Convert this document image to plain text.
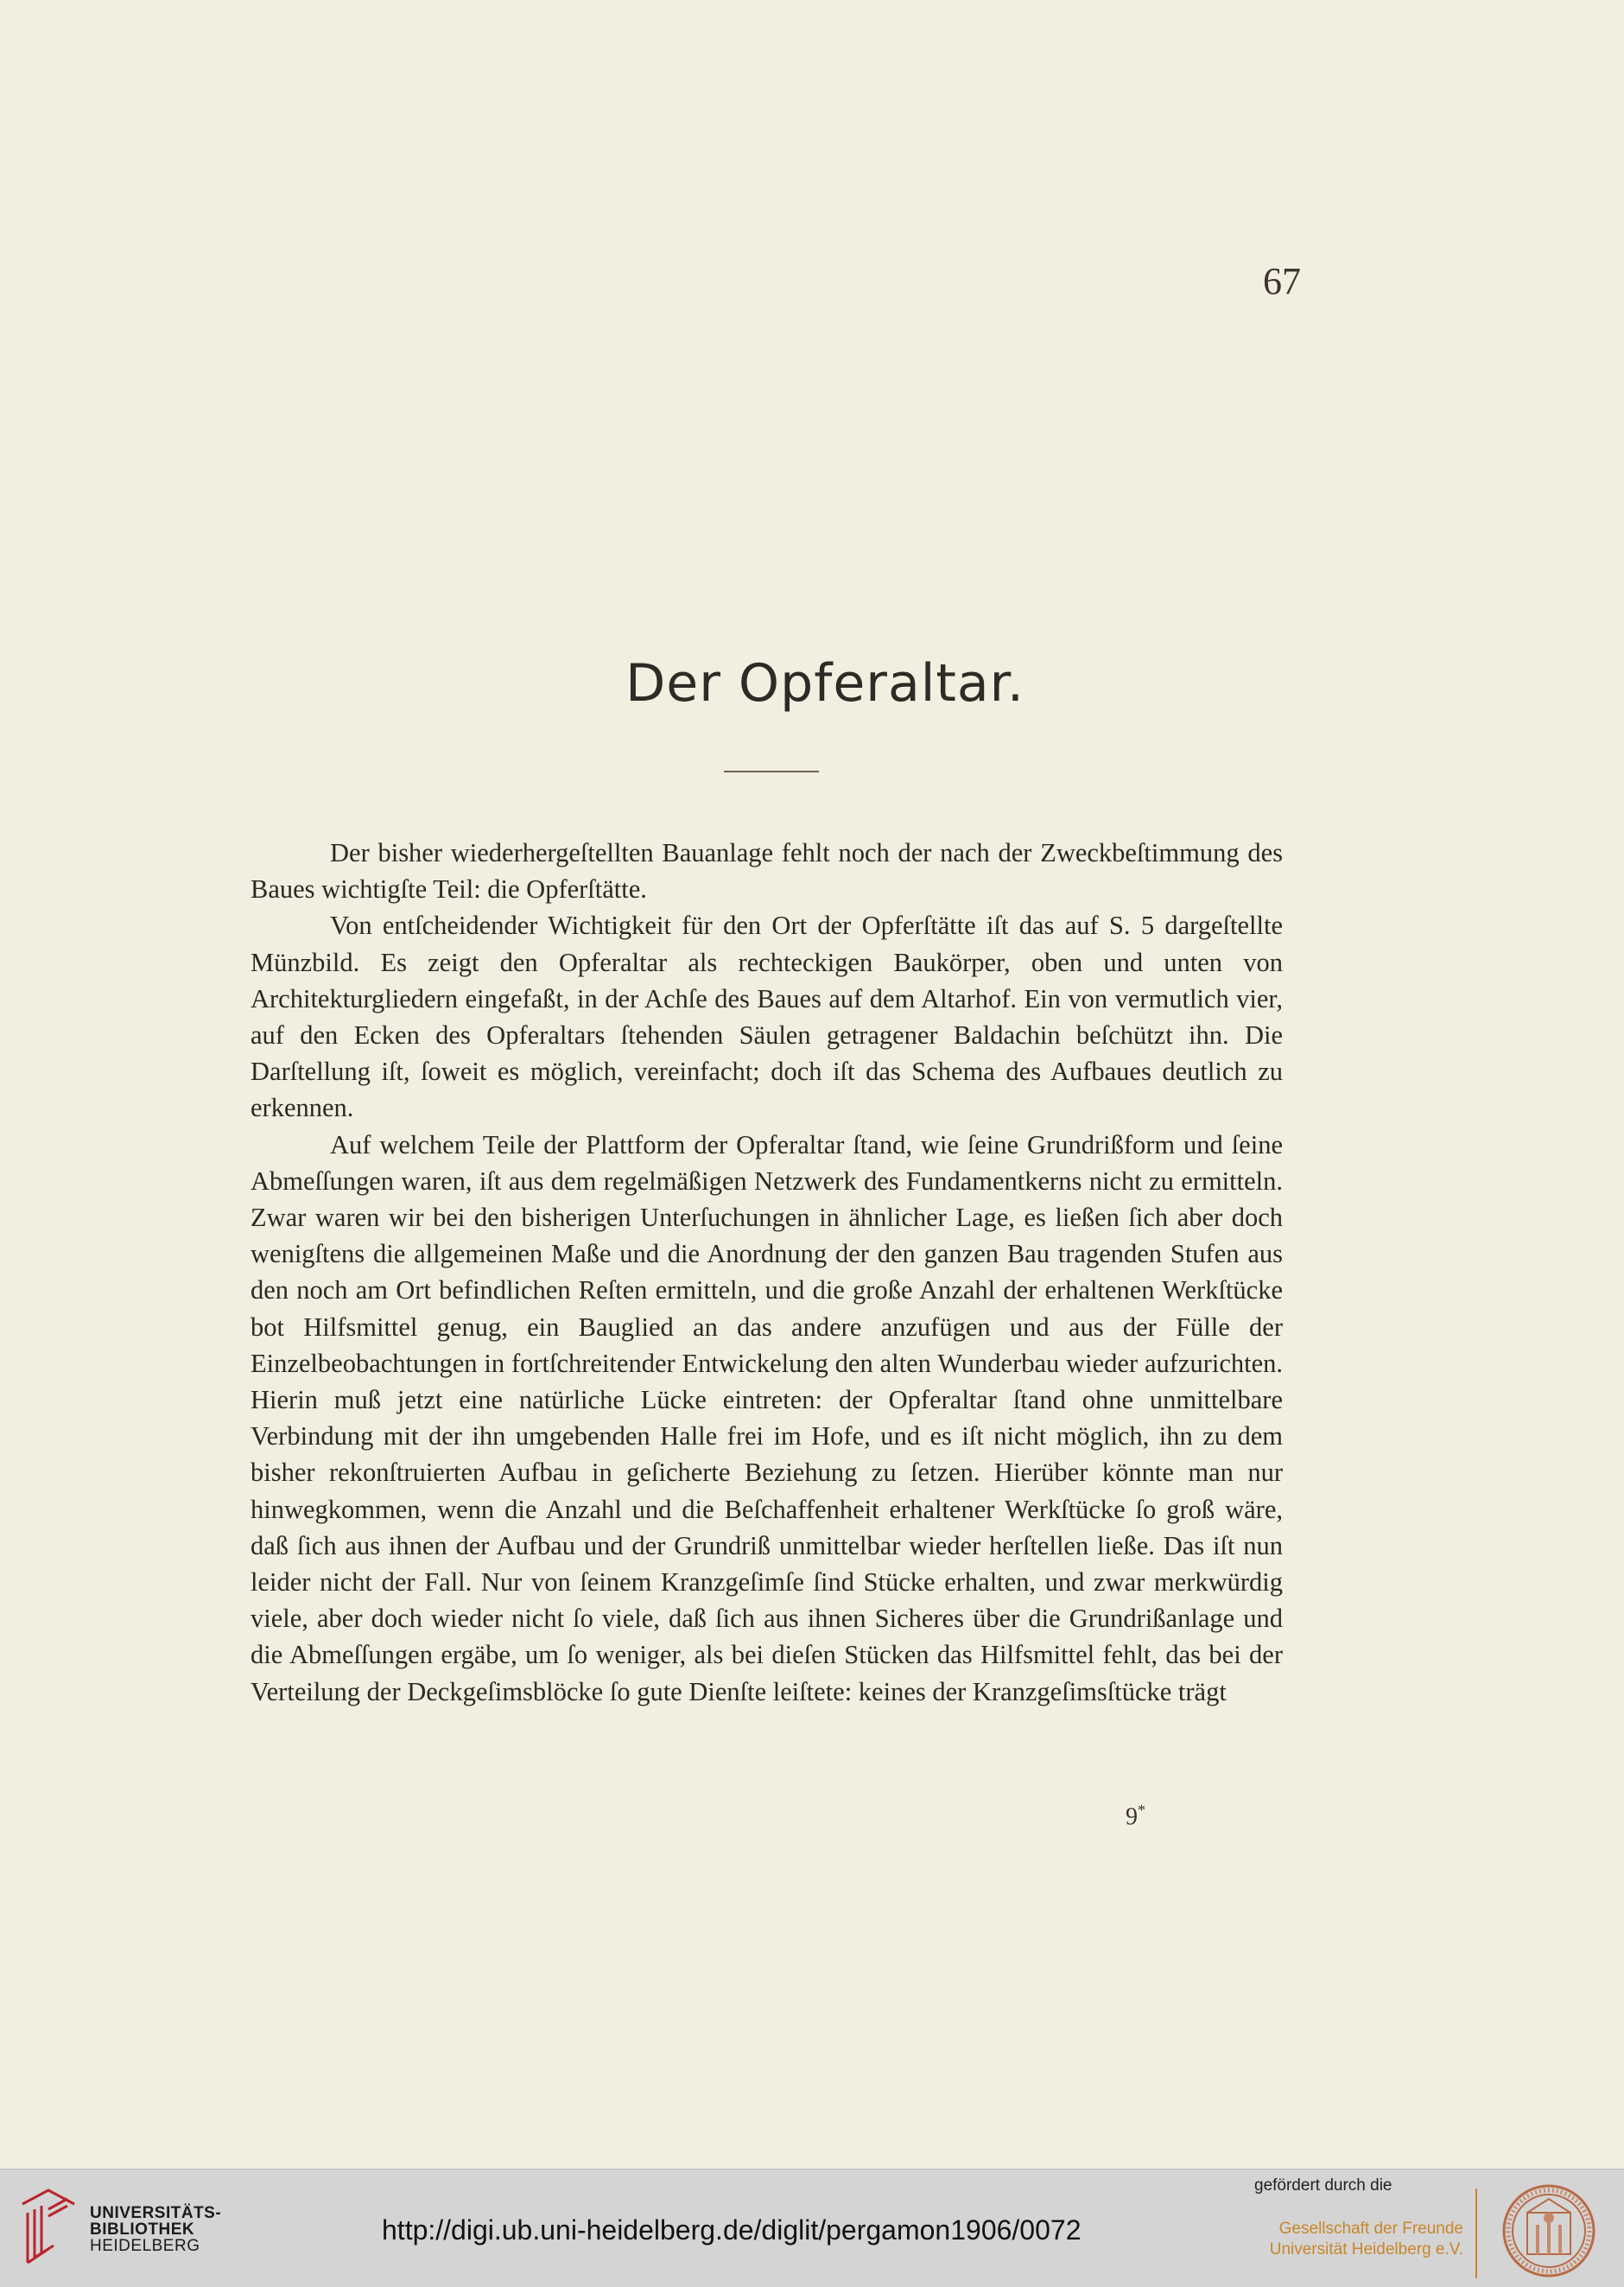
67
Der Opferaltar.

Der bisher wiederhergeſtellten Bauanlage fehlt noch der nach der Zweckbeſtimmung des Baues wichtigſte Teil: die Opferſtätte.

Von entſcheidender Wichtigkeit für den Ort der Opferſtätte iſt das auf S. 5 dargeſtellte Münzbild. Es zeigt den Opferaltar als rechteckigen Baukörper, oben und unten von Architekturgliedern eingefaßt, in der Achſe des Baues auf dem Altarhof. Ein von vermutlich vier, auf den Ecken des Opferaltars ſtehenden Säulen getragener Baldachin beſchützt ihn. Die Darſtellung iſt, ſoweit es möglich, vereinfacht; doch iſt das Schema des Aufbaues deutlich zu erkennen.

Auf welchem Teile der Plattform der Opferaltar ſtand, wie ſeine Grundrißform und ſeine Abmeſſungen waren, iſt aus dem regelmäßigen Netzwerk des Fundamentkerns nicht zu ermitteln. Zwar waren wir bei den bisherigen Unterſuchungen in ähnlicher Lage, es ließen ſich aber doch wenigſtens die allgemeinen Maße und die Anordnung der den ganzen Bau tragenden Stufen aus den noch am Ort befindlichen Reſten ermitteln, und die große Anzahl der erhaltenen Werkſtücke bot Hilfsmittel genug, ein Bauglied an das andere anzufügen und aus der Fülle der Einzelbeobachtungen in fortſchreitender Entwickelung den alten Wunderbau wieder aufzurichten. Hierin muß jetzt eine natürliche Lücke eintreten: der Opferaltar ſtand ohne unmittelbare Verbindung mit der ihn umgebenden Halle frei im Hofe, und es iſt nicht möglich, ihn zu dem bisher rekonſtruierten Aufbau in geſicherte Beziehung zu ſetzen. Hierüber könnte man nur hinwegkommen, wenn die Anzahl und die Beſchaffenheit erhaltener Werkſtücke ſo groß wäre, daß ſich aus ihnen der Aufbau und der Grundriß unmittelbar wieder herſtellen ließe. Das iſt nun leider nicht der Fall. Nur von ſeinem Kranzgeſimſe ſind Stücke erhalten, und zwar merkwürdig viele, aber doch wieder nicht ſo viele, daß ſich aus ihnen Sicheres über die Grundrißanlage und die Abmeſſungen ergäbe, um ſo weniger, als bei dieſen Stücken das Hilfsmittel fehlt, das bei der Verteilung der Deckgeſimsblöcke ſo gute Dienſte leiſtete: keines der Kranzgeſimsſtücke trägt

9*
UNIVERSITÄTS-
BIBLIOTHEK
HEIDELBERG
http://digi.ub.uni-heidelberg.de/diglit/pergamon1906/0072
gefördert durch die
Gesellschaft der Freunde
Universität Heidelberg e.V.
